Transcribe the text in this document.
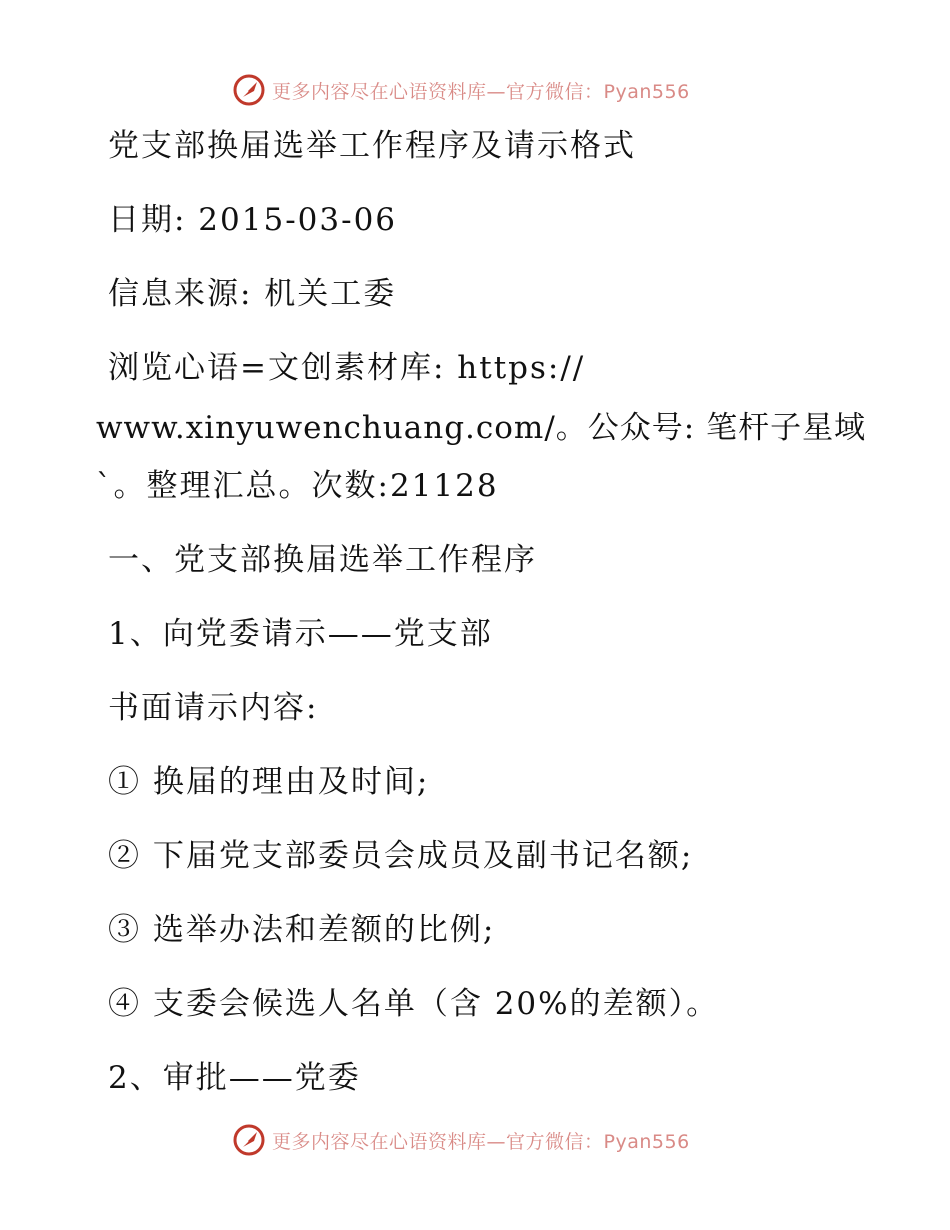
更多内容尽在心语资料库—官方微信：Pyan556
党支部换届选举工作程序及请示格式
日期: 2015-03-06
信息来源: 机关工委
浏览心语=文创素材库: https://
www.xinyuwenchuang.com/。公众号: 笔杆子星域
`。整理汇总。次数:21128
一、党支部换届选举工作程序
1、向党委请示——党支部
书面请示内容:
① 换届的理由及时间;
② 下届党支部委员会成员及副书记名额;
③ 选举办法和差额的比例;
④ 支委会候选人名单（含 20%的差额）。
2、审批——党委
更多内容尽在心语资料库—官方微信：Pyan556
